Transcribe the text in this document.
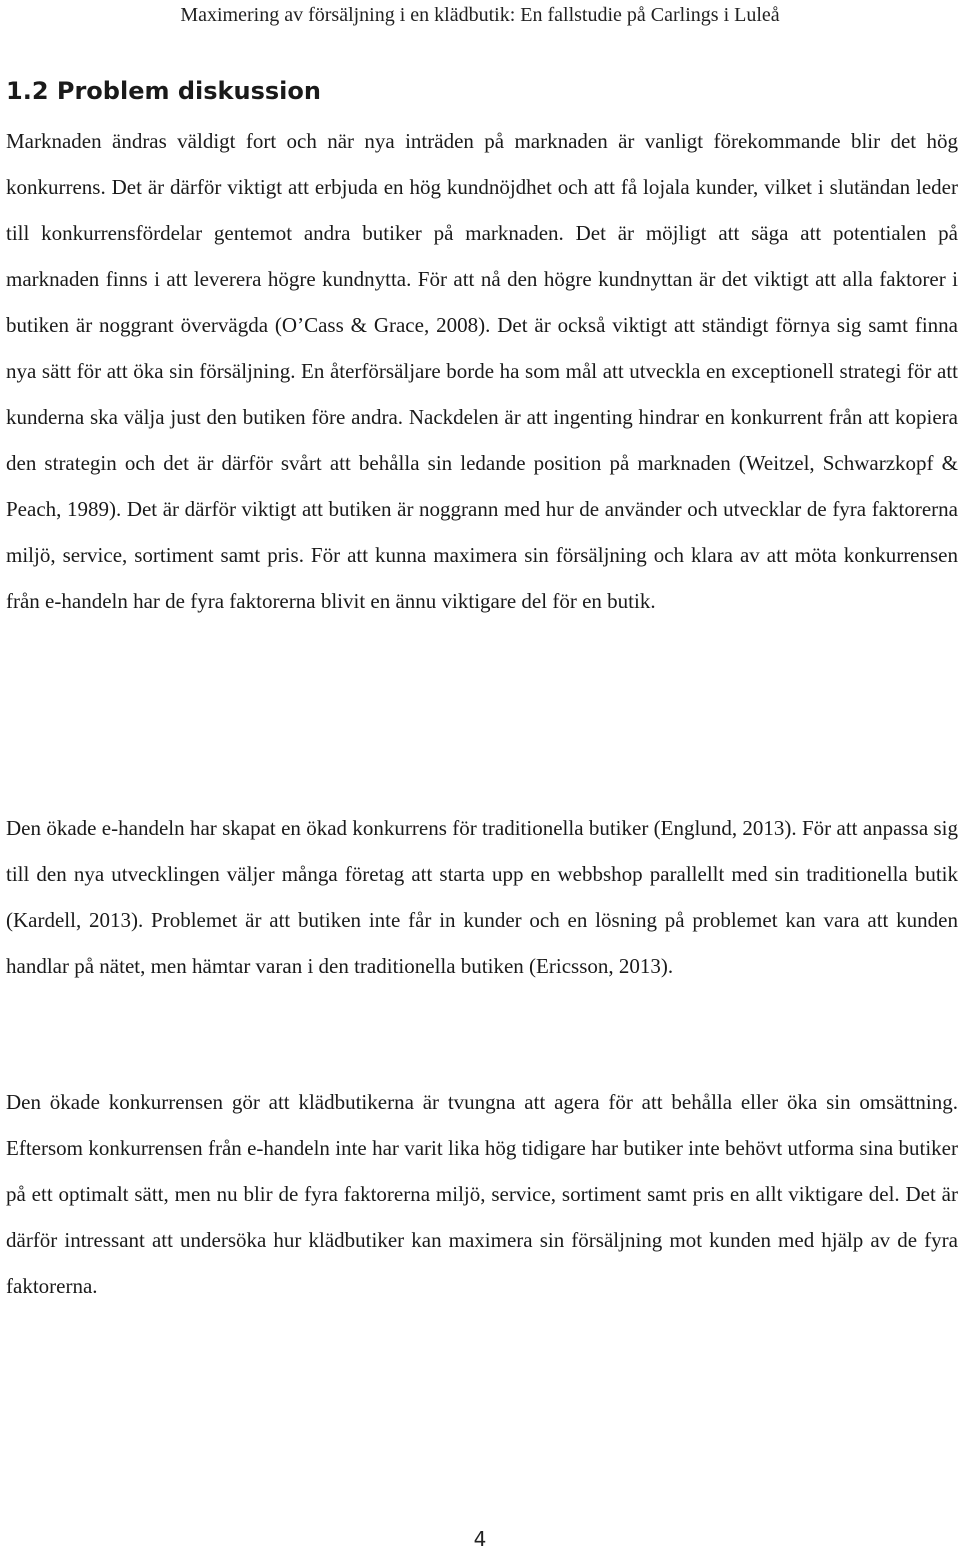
Maximering av försäljning i en klädbutik: En fallstudie på Carlings i Luleå
1.2 Problem diskussion

Marknaden ändras väldigt fort och när nya inträden på marknaden är vanligt förekommande blir det hög konkurrens. Det är därför viktigt att erbjuda en hög kundnöjdhet och att få lojala kunder, vilket i slutändan leder till konkurrensfördelar gentemot andra butiker på marknaden. Det är möjligt att säga att potentialen på marknaden finns i att leverera högre kundnytta. För att nå den högre kundnyttan är det viktigt att alla faktorer i butiken är noggrant övervägda (O’Cass & Grace, 2008). Det är också viktigt att ständigt förnya sig samt finna nya sätt för att öka sin försäljning. En återförsäljare borde ha som mål att utveckla en exceptionell strategi för att kunderna ska välja just den butiken före andra. Nackdelen är att ingenting hindrar en konkurrent från att kopiera den strategin och det är därför svårt att behålla sin ledande position på marknaden (Weitzel, Schwarzkopf & Peach, 1989). Det är därför viktigt att butiken är noggrann med hur de använder och utvecklar de fyra faktorerna miljö, service, sortiment samt pris. För att kunna maximera sin försäljning och klara av att möta konkurrensen från e-handeln har de fyra faktorerna blivit en ännu viktigare del för en butik.

Den ökade e-handeln har skapat en ökad konkurrens för traditionella butiker (Englund, 2013). För att anpassa sig till den nya utvecklingen väljer många företag att starta upp en webbshop parallellt med sin traditionella butik (Kardell, 2013). Problemet är att butiken inte får in kunder och en lösning på problemet kan vara att kunden handlar på nätet, men hämtar varan i den traditionella butiken (Ericsson, 2013).

Den ökade konkurrensen gör att klädbutikerna är tvungna att agera för att behålla eller öka sin omsättning. Eftersom konkurrensen från e-handeln inte har varit lika hög tidigare har butiker inte behövt utforma sina butiker på ett optimalt sätt, men nu blir de fyra faktorerna miljö, service, sortiment samt pris en allt viktigare del. Det är därför intressant att undersöka hur klädbutiker kan maximera sin försäljning mot kunden med hjälp av de fyra faktorerna.

4
